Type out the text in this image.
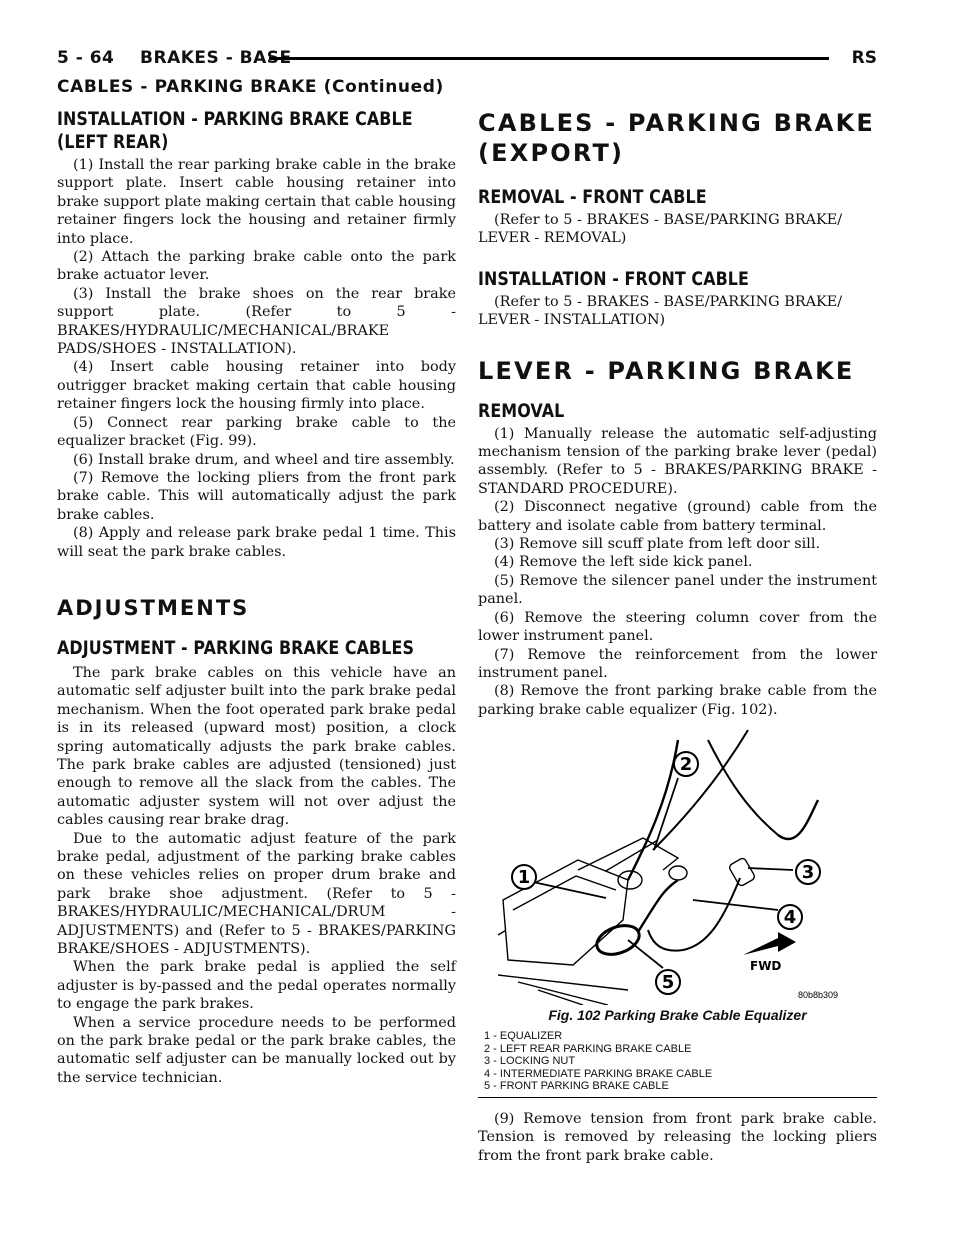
5 - 64    BRAKES - BASE	RS
CABLES - PARKING BRAKE (Continued)
INSTALLATION - PARKING BRAKE CABLE
(LEFT REAR)

(1) Install the rear parking brake cable in the brake support plate. Insert cable housing retainer into brake support plate making certain that cable housing retainer fingers lock the housing and retainer firmly into place.

(2) Attach the parking brake cable onto the park brake actuator lever.

(3) Install the brake shoes on the rear brake support plate. (Refer to 5 - BRAKES/HYDRAULIC/MECHANICAL/BRAKE PADS/SHOES - INSTALLATION).

(4) Insert cable housing retainer into body outrigger bracket making certain that cable housing retainer fingers lock the housing firmly into place.

(5) Connect rear parking brake cable to the equalizer bracket (Fig. 99).

(6) Install brake drum, and wheel and tire assembly.

(7) Remove the locking pliers from the front park brake cable. This will automatically adjust the park brake cables.

(8) Apply and release park brake pedal 1 time. This will seat the park brake cables.

ADJUSTMENTS
ADJUSTMENT - PARKING BRAKE CABLES

The park brake cables on this vehicle have an automatic self adjuster built into the park brake pedal mechanism. When the foot operated park brake pedal is in its released (upward most) position, a clock spring automatically adjusts the park brake cables. The park brake cables are adjusted (tensioned) just enough to remove all the slack from the cables. The automatic adjuster system will not over adjust the cables causing rear brake drag.

Due to the automatic adjust feature of the park brake pedal, adjustment of the parking brake cables on these vehicles relies on proper drum brake and park brake shoe adjustment. (Refer to 5 - BRAKES/HYDRAULIC/MECHANICAL/DRUM - ADJUSTMENTS) and (Refer to 5 - BRAKES/PARKING BRAKE/SHOES - ADJUSTMENTS).

When the park brake pedal is applied the self adjuster is by-passed and the pedal operates normally to engage the park brakes.

When a service procedure needs to be performed on the park brake pedal or the park brake cables, the automatic self adjuster can be manually locked out by the service technician.

CABLES - PARKING BRAKE
(EXPORT)
REMOVAL - FRONT CABLE

(Refer to 5 - BRAKES - BASE/PARKING BRAKE/ LEVER - REMOVAL)

INSTALLATION - FRONT CABLE

(Refer to 5 - BRAKES - BASE/PARKING BRAKE/ LEVER - INSTALLATION)

LEVER - PARKING BRAKE
REMOVAL

(1) Manually release the automatic self-adjusting mechanism tension of the parking brake lever (pedal) assembly. (Refer to 5 - BRAKES/PARKING BRAKE - STANDARD PROCEDURE).

(2) Disconnect negative (ground) cable from the battery and isolate cable from battery terminal.

(3) Remove sill scuff plate from left door sill.

(4) Remove the left side kick panel.

(5) Remove the silencer panel under the instrument panel.

(6) Remove the steering column cover from the lower instrument panel.

(7) Remove the reinforcement from the lower instrument panel.

(8) Remove the front parking brake cable from the parking brake cable equalizer (Fig. 102).

1
2
3
4
5
FWD
80b8b309
Fig. 102 Parking Brake Cable Equalizer
1 - EQUALIZER
2 - LEFT REAR PARKING BRAKE CABLE
3 - LOCKING NUT
4 - INTERMEDIATE PARKING BRAKE CABLE
5 - FRONT PARKING BRAKE CABLE

(9) Remove tension from front park brake cable. Tension is removed by releasing the locking pliers from the front park brake cable.
